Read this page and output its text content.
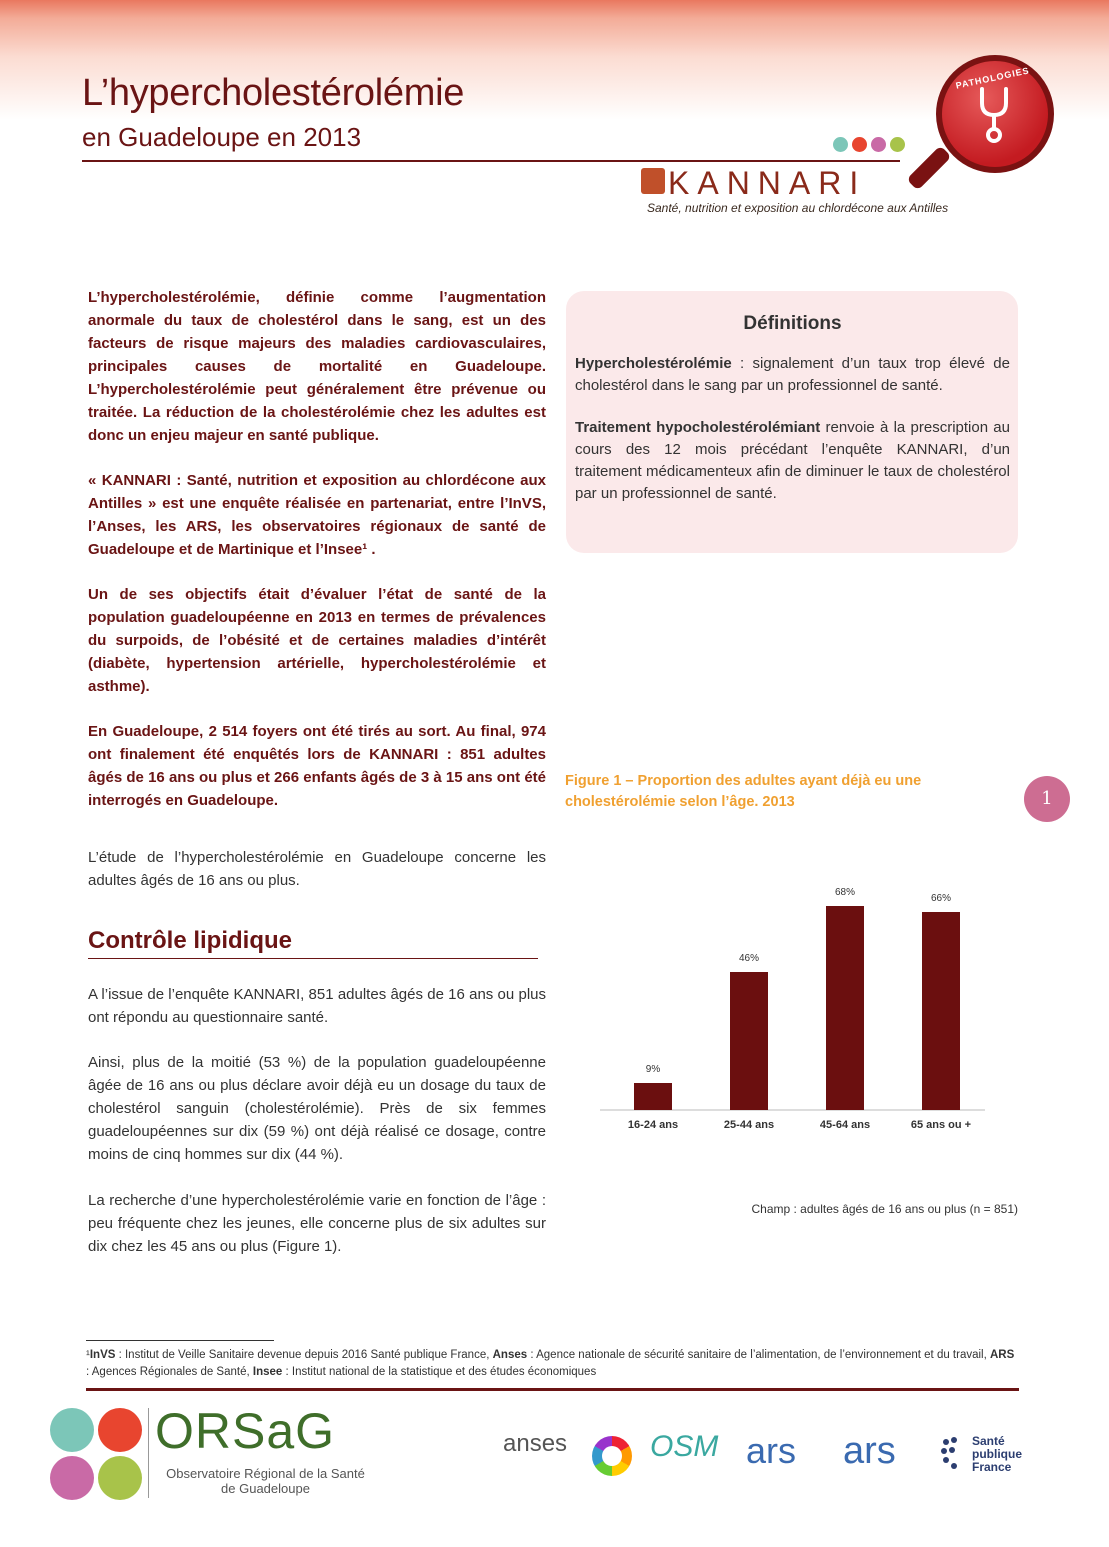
L’hypercholestérolémie
en Guadeloupe en 2013
PATHOLOGIES
KANNARI
Santé, nutrition et exposition au chlordécone aux Antilles

L’hypercholestérolémie, définie comme l’augmentation anormale du taux de cholestérol dans le sang, est un des facteurs de risque majeurs des maladies cardiovasculaires, principales causes de mortalité en Guadeloupe. L’hypercholestérolémie peut généralement être prévenue ou traitée. La réduction de la cholestérolémie chez les adultes est donc un enjeu majeur en santé publique.

« KANNARI : Santé, nutrition et exposition au chlordécone aux Antilles » est une enquête réalisée en partenariat, entre l’InVS, l’Anses, les ARS, les observatoires régionaux de santé de Guadeloupe et de Martinique et l’Insee¹ .

Un de ses objectifs était d’évaluer l’état de santé de la population guadeloupéenne en 2013 en termes de prévalences du surpoids, de l’obésité et de certaines maladies d’intérêt (diabète, hypertension artérielle, hypercholestérolémie et asthme).

En Guadeloupe, 2 514 foyers ont été tirés au sort. Au final, 974 ont finalement été enquêtés lors de KANNARI : 851 adultes âgés de 16 ans ou plus et 266 enfants âgés de 3 à 15 ans ont été interrogés en Guadeloupe.

L’étude de l’hypercholestérolémie en Guadeloupe concerne les adultes âgés de 16 ans ou plus.

Contrôle lipidique

A l’issue de l’enquête KANNARI, 851 adultes âgés de 16 ans ou plus ont répondu au questionnaire santé.

Ainsi, plus de la moitié (53 %) de la population guadeloupéenne âgée de 16 ans ou plus déclare avoir déjà eu un dosage du taux de cholestérol sanguin (cholestérolémie). Près de six femmes guadeloupéennes sur dix (59 %) ont déjà réalisé ce dosage, contre moins de cinq hommes sur dix (44 %).

La recherche d’une hypercholestérolémie varie en fonction de l’âge : peu fréquente chez les jeunes, elle concerne plus de six adultes sur dix chez les 45 ans ou plus (Figure 1).

Définitions

Hypercholestérolémie : signalement d’un taux trop élevé de cholestérol dans le sang par un professionnel de santé.

Traitement hypocholestérolémiant renvoie à la prescription au cours des 12 mois précédant l’enquête KANNARI, d’un traitement médicamenteux afin de diminuer le taux de cholestérol par un professionnel de santé.

Figure 1 – Proportion des adultes ayant déjà eu une cholestérolémie selon l’âge. 2013	1
9%
16-24 ans
46%
25-44 ans
68%
45-64 ans
66%
65 ans ou +
Champ : adultes âgés de 16 ans ou plus (n = 851)
¹InVS : Institut de Veille Sanitaire devenue depuis 2016 Santé publique France, Anses : Agence nationale de sécurité sanitaire de l’alimentation, de l’environnement et du travail, ARS : Agences Régionales de Santé, Insee : Institut national de la statistique et des études économiques
ORSaG
Observatoire Régional de la Santé de Guadeloupe
anses	OSM ars ars	Santé publique France
